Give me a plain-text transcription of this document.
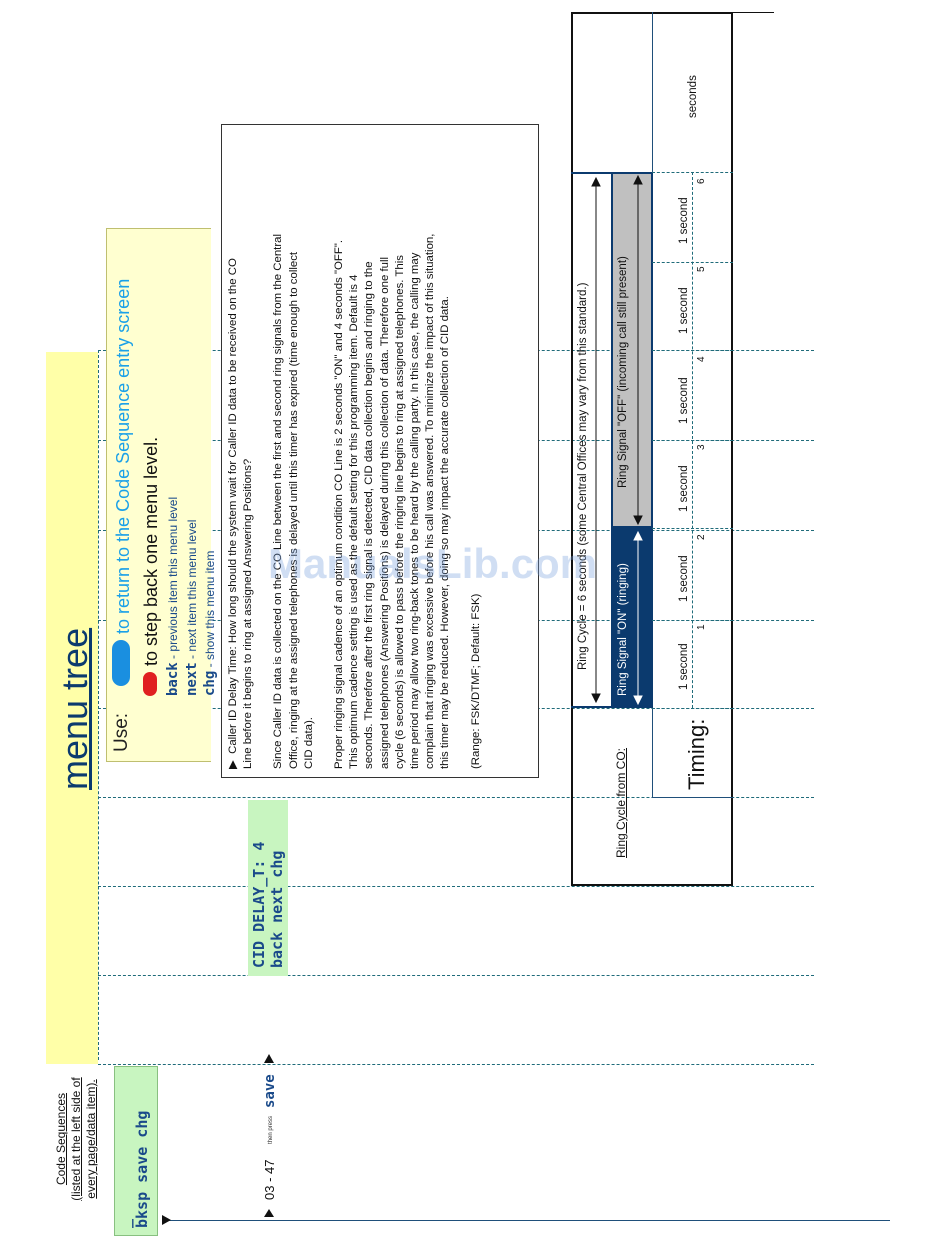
menu tree Use:
to return to the Code Sequence entry screen to step back one menu level.
back - previous item this menu level
next - next item this menu level
chg - show this menu item
▶  Caller ID Delay Time: How long should the system wait for Caller ID data to be received on the CO Line before it begins to ring at assigned Answering Positions? Since Caller ID data is collected on the CO Line between the first and second ring signals from the Central Office, ringing at the assigned telephones is delayed until this timer has expired (time enough to collect CID data). Proper ringing signal cadence of an optimum condition CO Line is 2 seconds "ON" and 4 seconds "OFF". This optimum cadence setting is used as the default setting for this programming item. Default is 4 seconds. Therefore after the first ring signal is detected, CID data collection begins and ringing to the assigned telephones (Answering Positions) is delayed during this collection of data. Therefore one full cycle (6 seconds) is allowed to pass before the ringing line begins to ring at assigned telephones. This time period may allow two ring-back tones to be heard by the calling party. In this case, the calling may complain that ringing was excessive before his call was answered. To minimize the impact of this situation, this timer may be reduced. However, doing so may impact the accurate collection of CID data. (Range: FSK/DTMF; Default: FSK)
CID DELAY_T: 4 back next chg
Code Sequences (listed at the left side of every page/data item).
_ bksp save chg	03 - 47
then press
save
Ring Cycle from CO:
Ring Cycle = 6 seconds (some Central Offices may vary from this standard.) Ring Signal "ON" (ringing)
Ring Signal "OFF" (incoming call still present)
Timing:
seconds
1 second
1
1 second
2
1 second
3
1 second
4
1 second
5
1 second
6
ManualsLib.com
